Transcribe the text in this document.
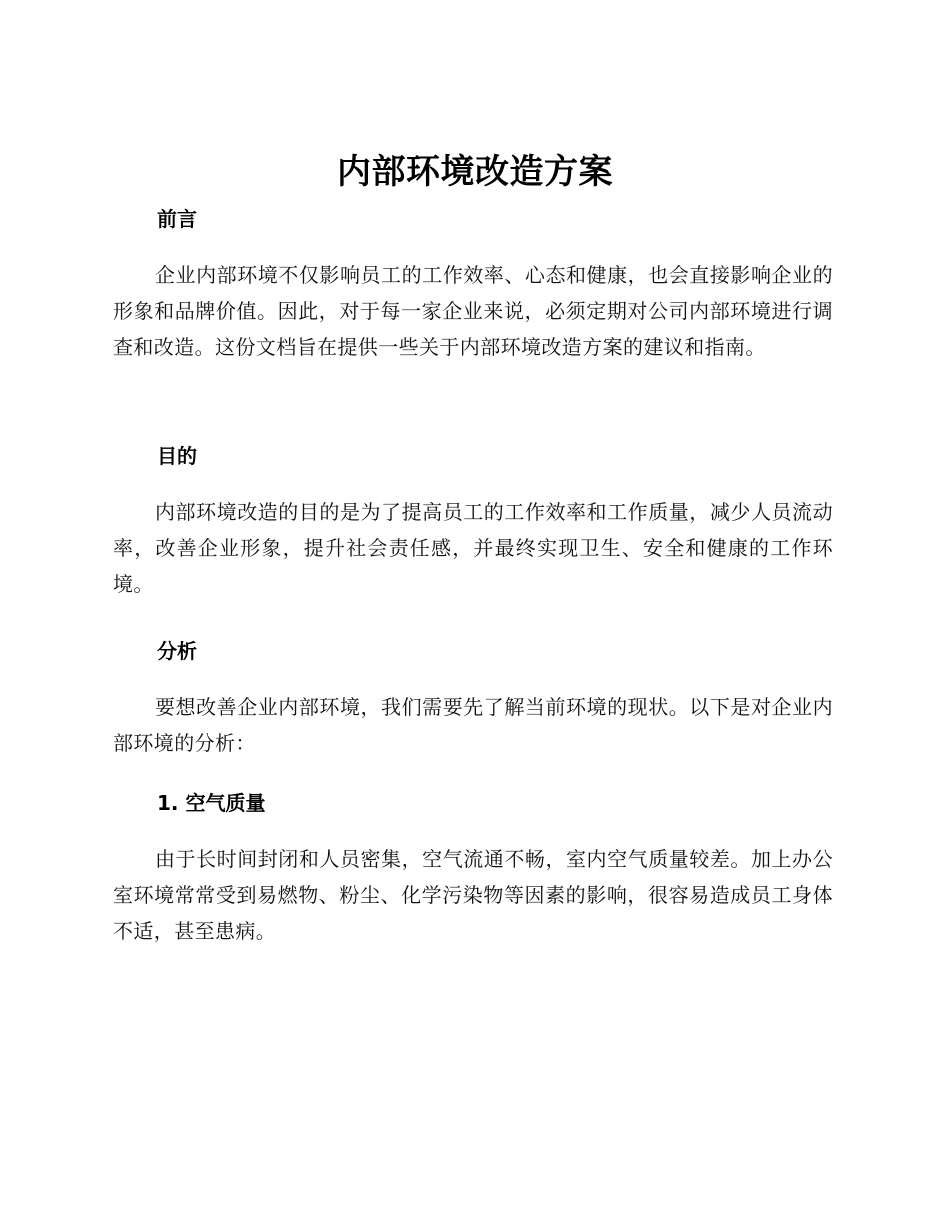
内部环境改造方案
前言

企业内部环境不仅影响员工的工作效率、心态和健康，也会直接影响企业的形象和品牌价值。因此，对于每一家企业来说，必须定期对公司内部环境进行调查和改造。这份文档旨在提供一些关于内部环境改造方案的建议和指南。

目的

内部环境改造的目的是为了提高员工的工作效率和工作质量，减少人员流动率，改善企业形象，提升社会责任感，并最终实现卫生、安全和健康的工作环境。

分析

要想改善企业内部环境，我们需要先了解当前环境的现状。以下是对企业内部环境的分析：

1. 空气质量

由于长时间封闭和人员密集，空气流通不畅，室内空气质量较差。加上办公室环境常常受到易燃物、粉尘、化学污染物等因素的影响，很容易造成员工身体不适，甚至患病。
